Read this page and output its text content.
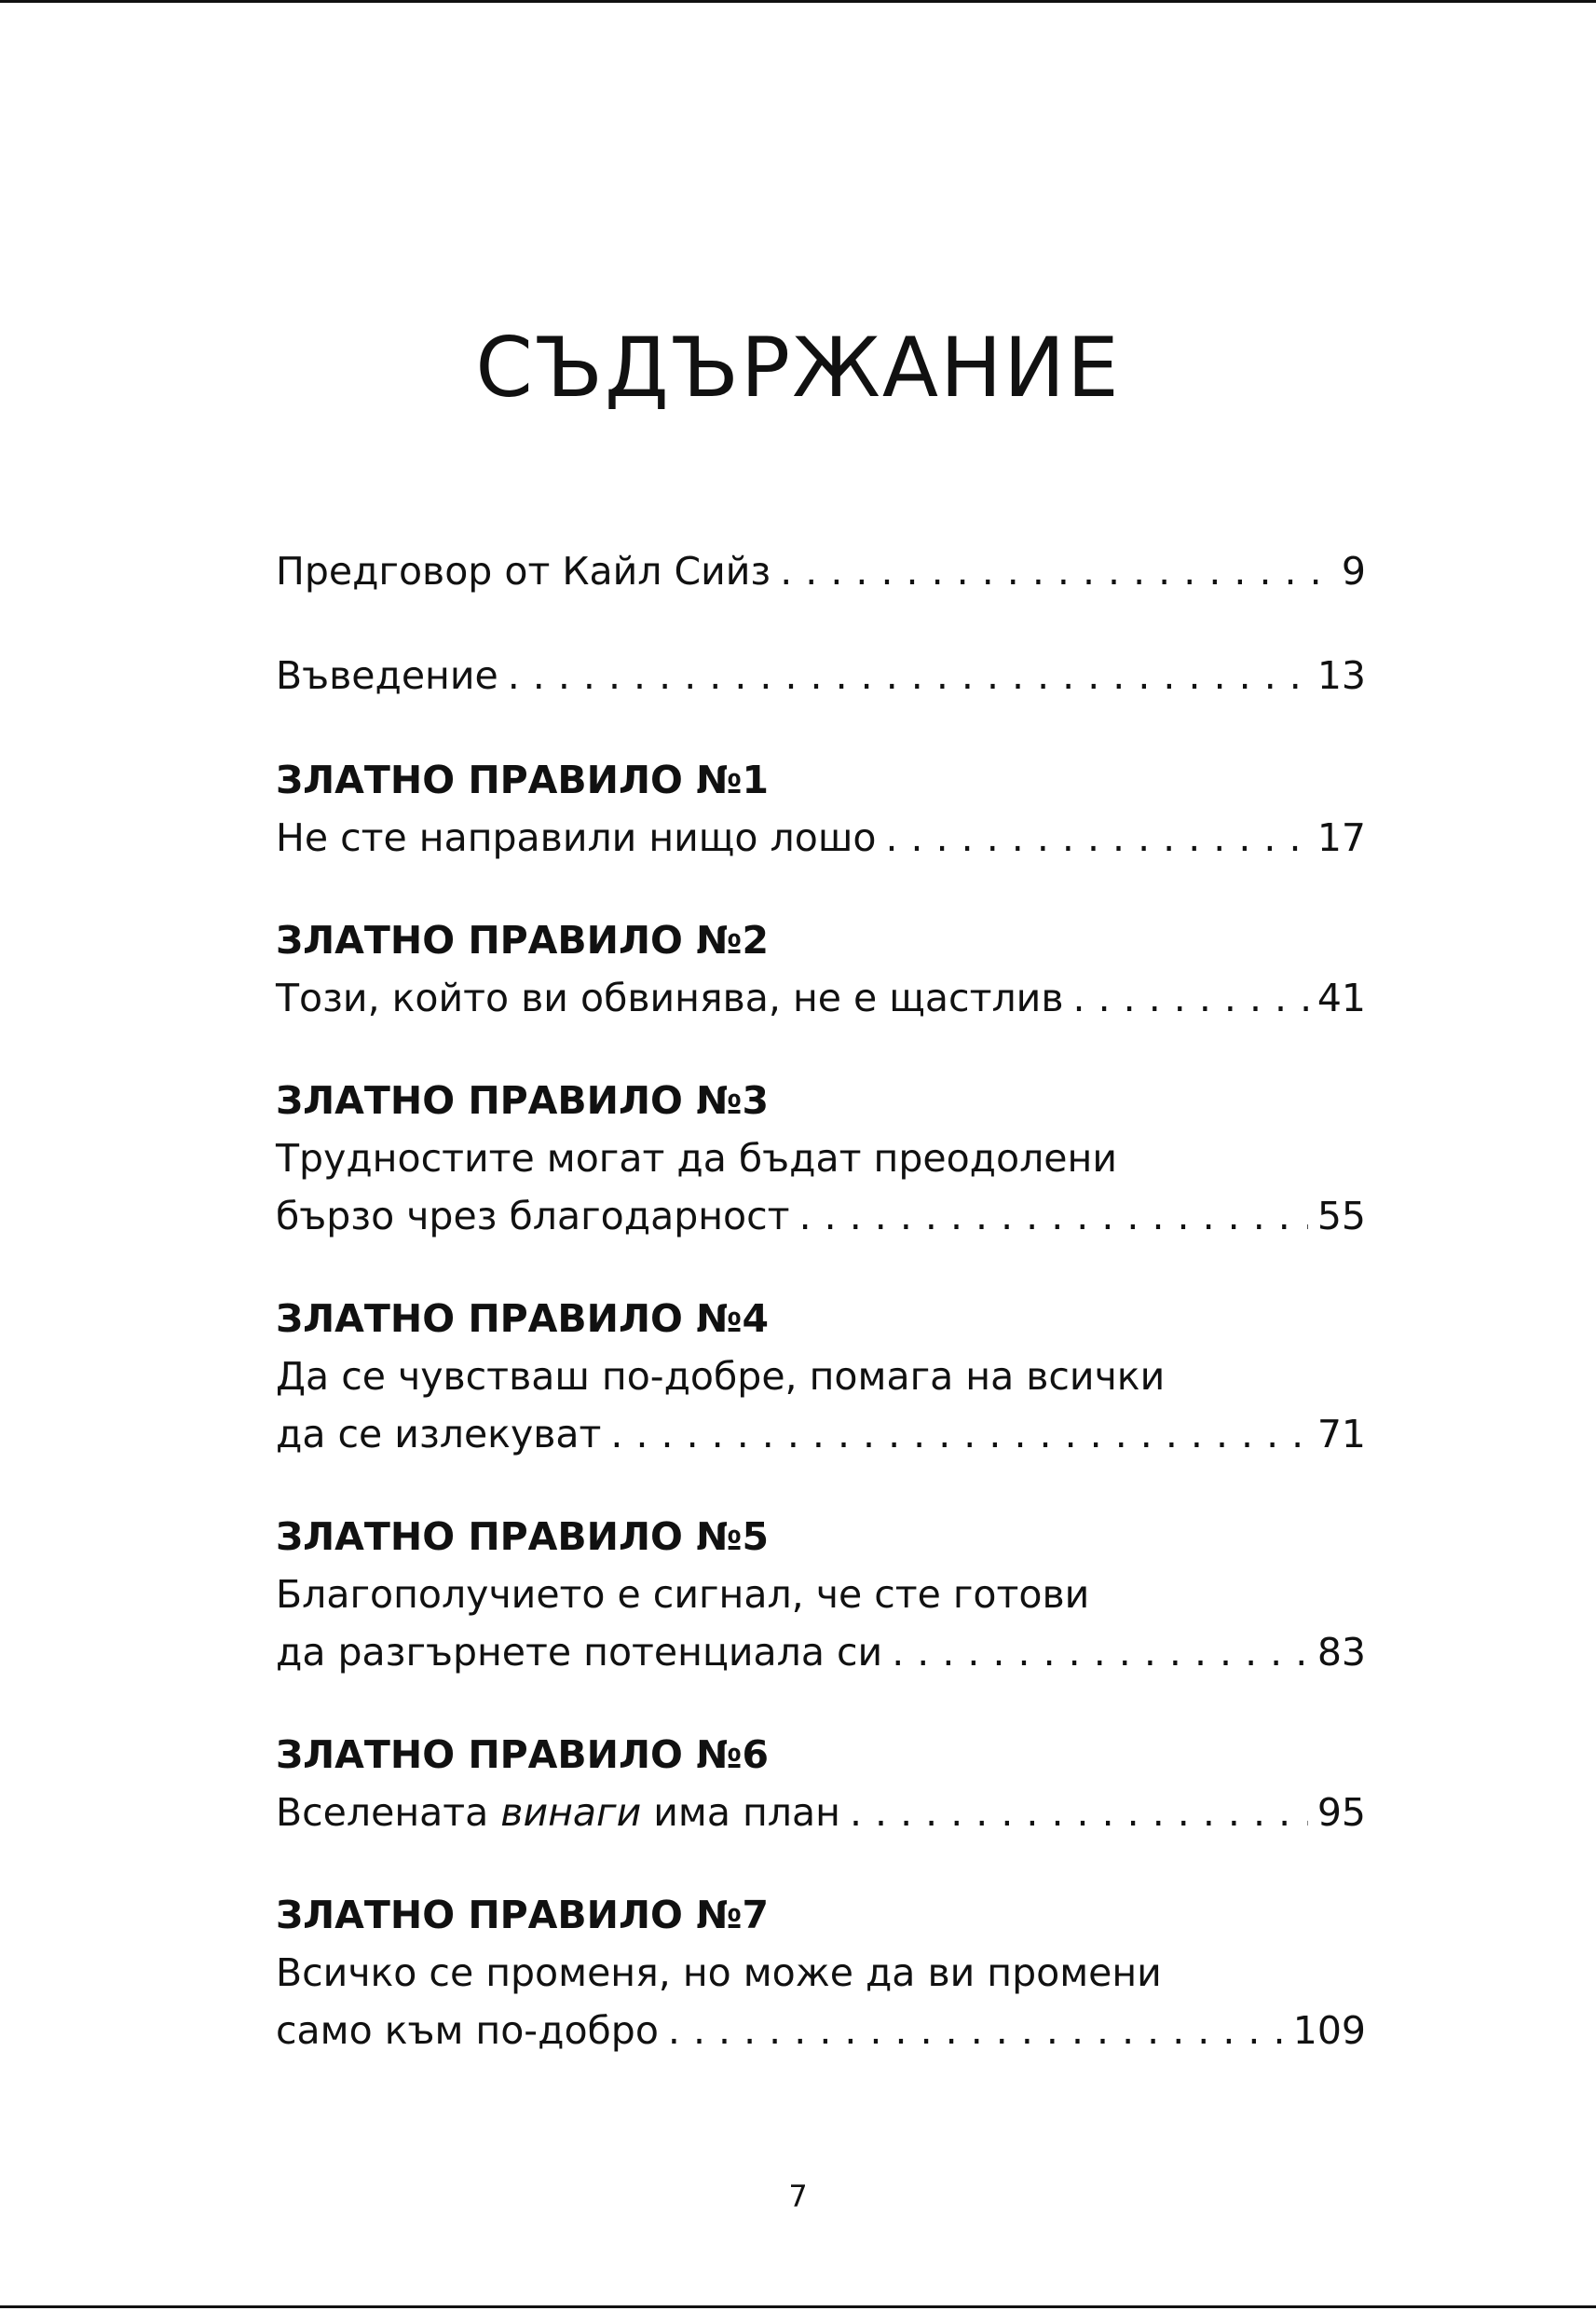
СЪДЪРЖАНИЕ
Предговор от Кайл Сийз . . .	9
Въведение . . .	13
ЗЛАТНО ПРАВИЛО №1
Не сте направили нищо лошо . . .	17
ЗЛАТНО ПРАВИЛО №2
Този, който ви обвинява, не е щастлив . . .	41
ЗЛАТНО ПРАВИЛО №3
Трудностите могат да бъдат преодолени
бързо чрез благодарност . . .	55
ЗЛАТНО ПРАВИЛО №4
Да се чувстваш по-добре, помага на всички
да се излекуват . . .	71
ЗЛАТНО ПРАВИЛО №5
Благополучието е сигнал, че сте готови
да разгърнете потенциала си . . .	83
ЗЛАТНО ПРАВИЛО №6
Вселената винаги има план . . .	95
ЗЛАТНО ПРАВИЛО №7
Всичко се променя, но може да ви промени
само към по-добро . . .	109
7
